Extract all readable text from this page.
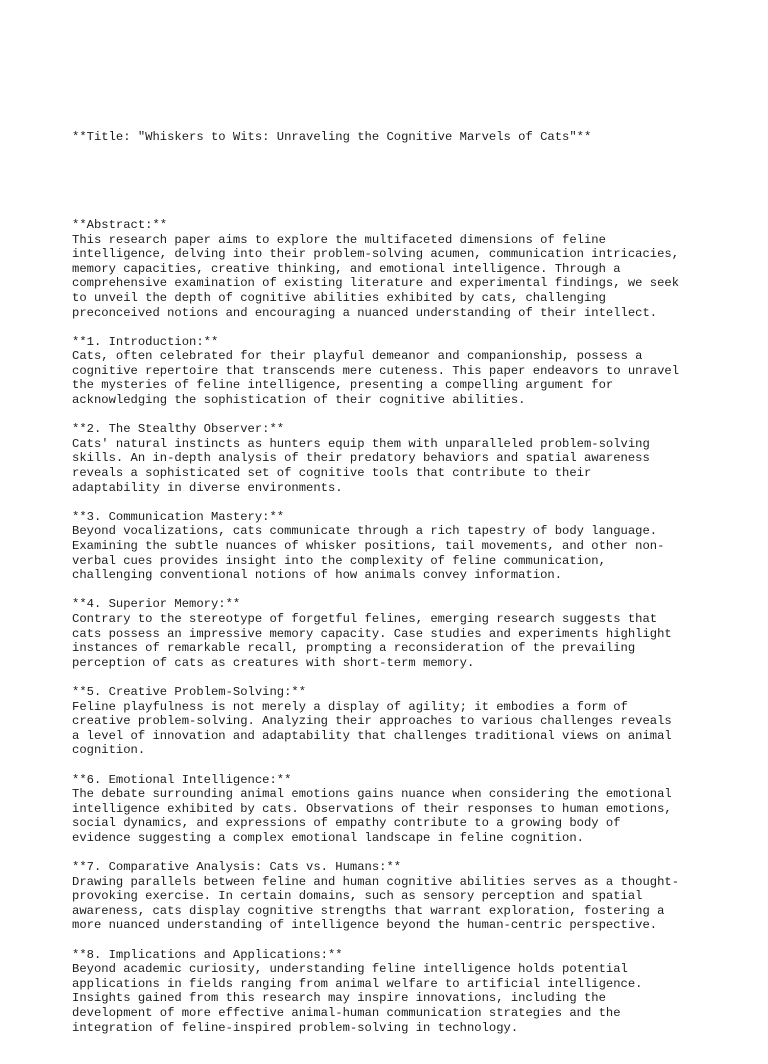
**Title: "Whiskers to Wits: Unraveling the Cognitive Marvels of Cats"**

**Abstract:**
This research paper aims to explore the multifaceted dimensions of feline
intelligence, delving into their problem-solving acumen, communication intricacies,
memory capacities, creative thinking, and emotional intelligence. Through a
comprehensive examination of existing literature and experimental findings, we seek
to unveil the depth of cognitive abilities exhibited by cats, challenging
preconceived notions and encouraging a nuanced understanding of their intellect.
**1. Introduction:**
Cats, often celebrated for their playful demeanor and companionship, possess a
cognitive repertoire that transcends mere cuteness. This paper endeavors to unravel
the mysteries of feline intelligence, presenting a compelling argument for
acknowledging the sophistication of their cognitive abilities.
**2. The Stealthy Observer:**
Cats' natural instincts as hunters equip them with unparalleled problem-solving
skills. An in-depth analysis of their predatory behaviors and spatial awareness
reveals a sophisticated set of cognitive tools that contribute to their
adaptability in diverse environments.
**3. Communication Mastery:**
Beyond vocalizations, cats communicate through a rich tapestry of body language.
Examining the subtle nuances of whisker positions, tail movements, and other non-
verbal cues provides insight into the complexity of feline communication,
challenging conventional notions of how animals convey information.
**4. Superior Memory:**
Contrary to the stereotype of forgetful felines, emerging research suggests that
cats possess an impressive memory capacity. Case studies and experiments highlight
instances of remarkable recall, prompting a reconsideration of the prevailing
perception of cats as creatures with short-term memory.
**5. Creative Problem-Solving:**
Feline playfulness is not merely a display of agility; it embodies a form of
creative problem-solving. Analyzing their approaches to various challenges reveals
a level of innovation and adaptability that challenges traditional views on animal
cognition.
**6. Emotional Intelligence:**
The debate surrounding animal emotions gains nuance when considering the emotional
intelligence exhibited by cats. Observations of their responses to human emotions,
social dynamics, and expressions of empathy contribute to a growing body of
evidence suggesting a complex emotional landscape in feline cognition.
**7. Comparative Analysis: Cats vs. Humans:**
Drawing parallels between feline and human cognitive abilities serves as a thought-
provoking exercise. In certain domains, such as sensory perception and spatial
awareness, cats display cognitive strengths that warrant exploration, fostering a
more nuanced understanding of intelligence beyond the human-centric perspective.
**8. Implications and Applications:**
Beyond academic curiosity, understanding feline intelligence holds potential
applications in fields ranging from animal welfare to artificial intelligence.
Insights gained from this research may inspire innovations, including the
development of more effective animal-human communication strategies and the
integration of feline-inspired problem-solving in technology.
